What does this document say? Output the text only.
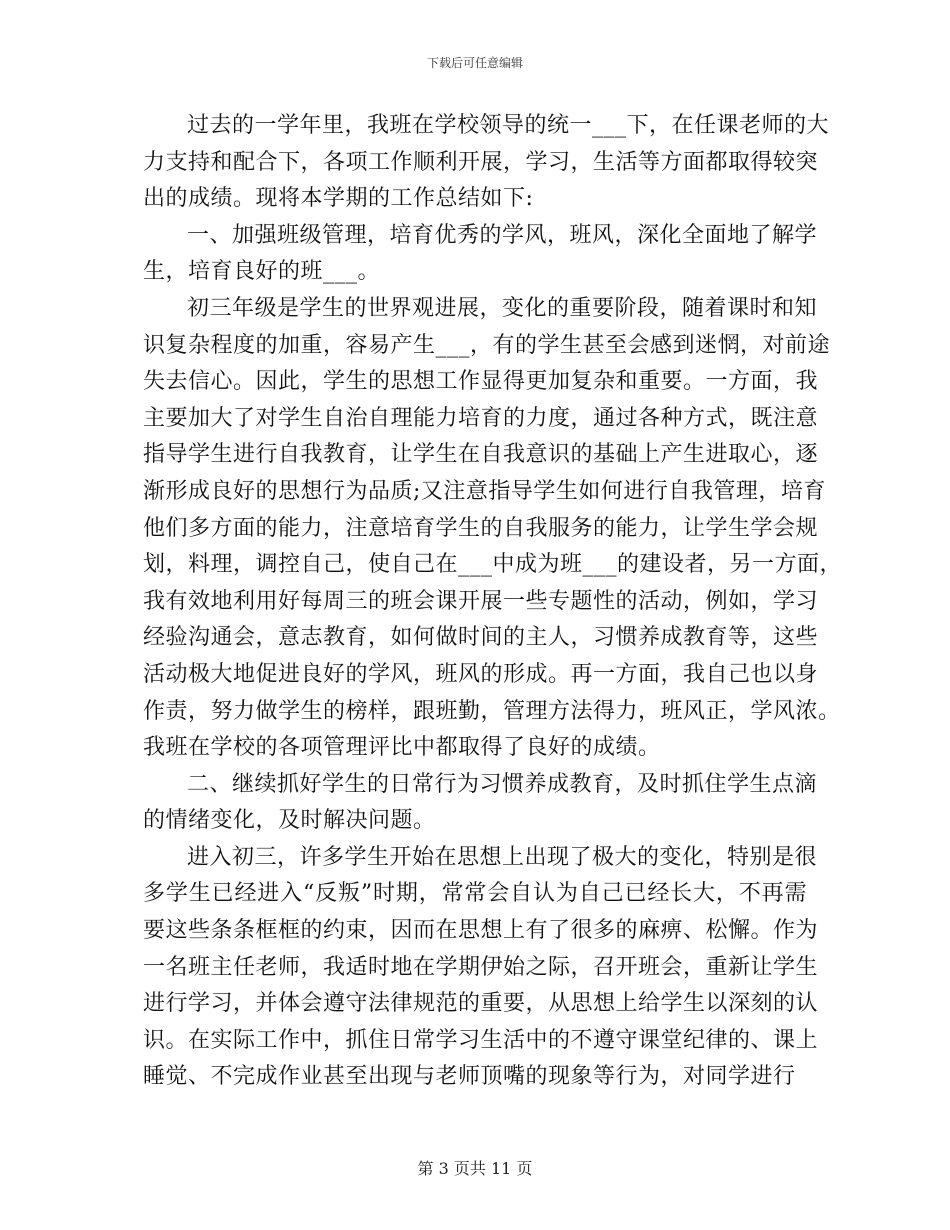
下载后可任意编辑

过去的一学年里，我班在学校领导的统一___下，在任课老师的大
力支持和配合下，各项工作顺利开展，学习，生活等方面都取得较突
出的成绩。现将本学期的工作总结如下:

一、加强班级管理，培育优秀的学风，班风，深化全面地了解学
生，培育良好的班___。

初三年级是学生的世界观进展，变化的重要阶段，随着课时和知
识复杂程度的加重，容易产生___，有的学生甚至会感到迷惘，对前途
失去信心。因此，学生的思想工作显得更加复杂和重要。一方面，我
主要加大了对学生自治自理能力培育的力度，通过各种方式，既注意
指导学生进行自我教育，让学生在自我意识的基础上产生进取心，逐
渐形成良好的思想行为品质;又注意指导学生如何进行自我管理，培育
他们多方面的能力，注意培育学生的自我服务的能力，让学生学会规
划，料理，调控自己，使自己在___中成为班___的建设者，另一方面，
我有效地利用好每周三的班会课开展一些专题性的活动，例如，学习
经验沟通会，意志教育，如何做时间的主人，习惯养成教育等，这些
活动极大地促进良好的学风，班风的形成。再一方面，我自己也以身
作责，努力做学生的榜样，跟班勤，管理方法得力，班风正，学风浓。
我班在学校的各项管理评比中都取得了良好的成绩。

二、继续抓好学生的日常行为习惯养成教育，及时抓住学生点滴
的情绪变化，及时解决问题。

进入初三，许多学生开始在思想上出现了极大的变化，特别是很
多学生已经进入“反叛”时期，常常会自认为自己已经长大，不再需
要这些条条框框的约束，因而在思想上有了很多的麻痹、松懈。作为
一名班主任老师，我适时地在学期伊始之际，召开班会，重新让学生
进行学习，并体会遵守法律规范的重要，从思想上给学生以深刻的认
识。在实际工作中，抓住日常学习生活中的不遵守课堂纪律的、课上
睡觉、不完成作业甚至出现与老师顶嘴的现象等行为，对同学进行

第 3 页共 11 页
